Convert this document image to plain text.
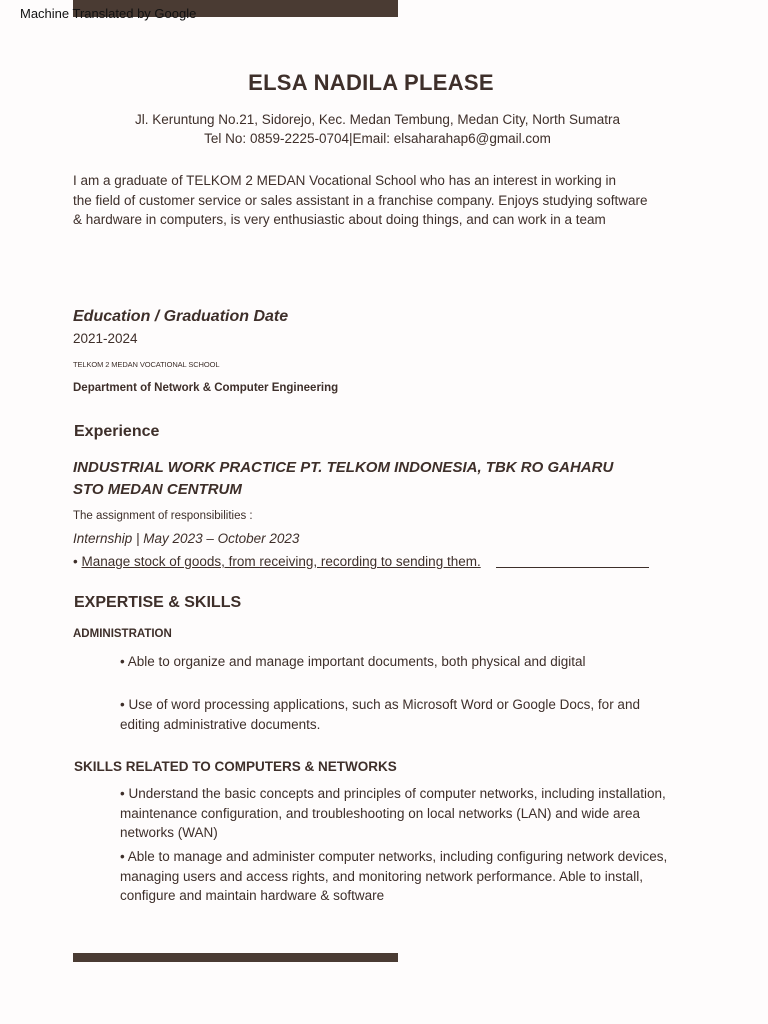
Machine Translated by Google
ELSA NADILA PLEASE
Jl. Keruntung No.21, Sidorejo, Kec. Medan Tembung, Medan City, North Sumatra
Tel No: 0859-2225-0704|Email: elsaharahap6@gmail.com
I am a graduate of TELKOM 2 MEDAN Vocational School who has an interest in working in
the field of customer service or sales assistant in a franchise company. Enjoys studying software
& hardware in computers, is very enthusiastic about doing things, and can work in a team
Education / Graduation Date
2021-2024
TELKOM 2 MEDAN VOCATIONAL SCHOOL
Department of Network & Computer Engineering
Experience
INDUSTRIAL WORK PRACTICE PT. TELKOM INDONESIA, TBK RO GAHARU
STO MEDAN CENTRUM
The assignment of responsibilities :
Internship | May 2023 – October 2023
• Manage stock of goods, from receiving, recording to sending them.
EXPERTISE & SKILLS
ADMINISTRATION
• Able to organize and manage important documents, both physical and digital
• Use of word processing applications, such as Microsoft Word or Google Docs, for and editing administrative documents.
SKILLS RELATED TO COMPUTERS & NETWORKS
• Understand the basic concepts and principles of computer networks, including installation, maintenance configuration, and troubleshooting on local networks (LAN) and wide area networks (WAN)
• Able to manage and administer computer networks, including configuring network devices, managing users and access rights, and monitoring network performance. Able to install, configure and maintain hardware & software
